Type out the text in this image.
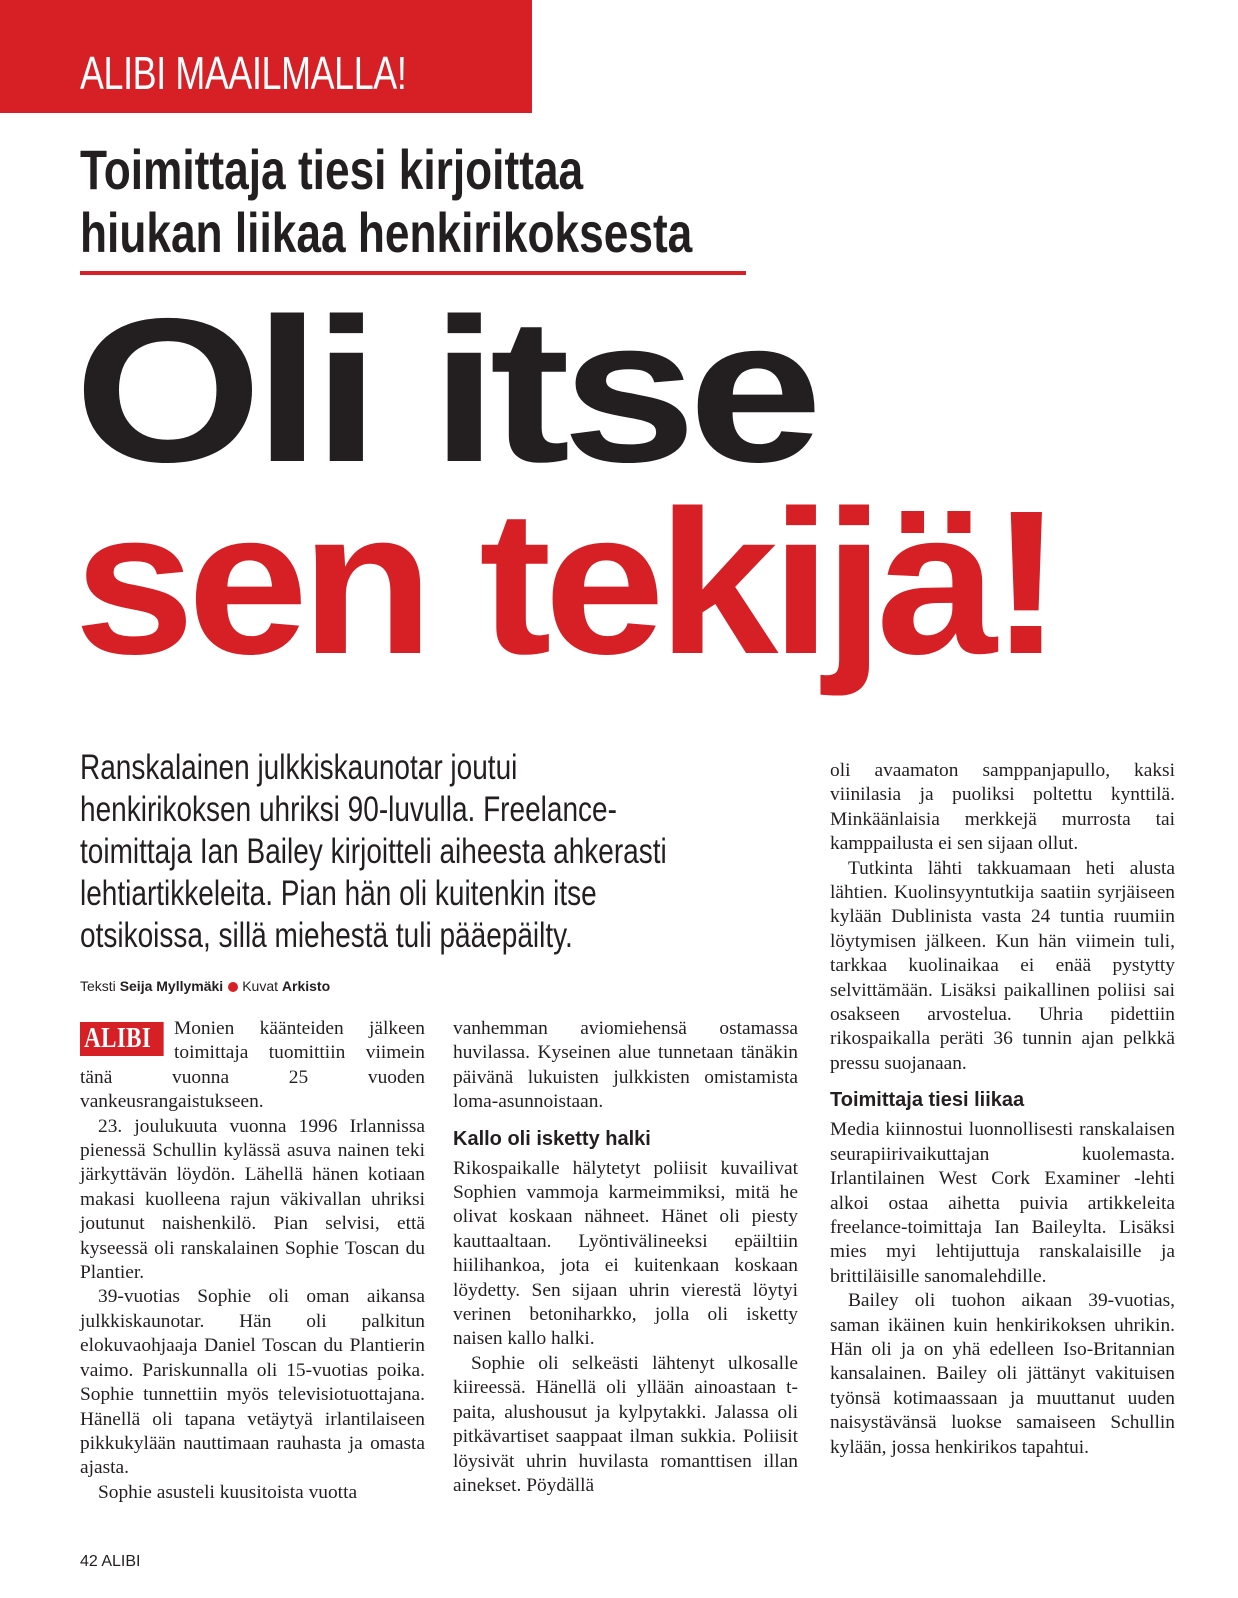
ALIBI MAAILMALLA!
Toimittaja tiesi kirjoittaa
hiukan liikaa henkirikoksesta
Oli itse
sen tekijä!

Ranskalainen julkkiskaunotar joutui

henkirikoksen uhriksi 90-luvulla. Freelance-

toimittaja Ian Bailey kirjoitteli aiheesta ahkerasti

lehtiartikkeleita. Pian hän oli kuitenkin itse

otsikoissa, sillä miehestä tuli pääepäilty.

Teksti Seija Myllymäki Kuvat Arkisto
ALIBI	Monien käänteiden jälkeen toimittaja tuomittiin viimein tänä vuonna 25 vuoden vankeusrangaistukseen.

23. joulukuuta vuonna 1996 Irlannissa pienessä Schullin kylässä asuva nainen teki järkyttävän löydön. Lähellä hänen kotiaan makasi kuolleena rajun väkivallan uhriksi joutunut naishenkilö. Pian selvisi, että kyseessä oli ranskalainen Sophie Toscan du Plantier.

39-vuotias Sophie oli oman aikansa julkkiskaunotar. Hän oli palkitun elokuvaohjaaja Daniel Toscan du Plantierin vaimo. Pariskunnalla oli 15-vuotias poika. Sophie tunnettiin myös televisiotuottajana. Hänellä oli tapana vetäytyä irlantilaiseen pikkukylään nauttimaan rauhasta ja omasta ajasta.

Sophie asusteli kuusitoista vuotta

vanhemman aviomiehensä ostamassa huvilassa. Kyseinen alue tunnetaan tänäkin päivänä lukuisten julkkisten omistamista loma-asunnoistaan.

Kallo oli isketty halki

Rikospaikalle hälytetyt poliisit kuvailivat Sophien vammoja karmeimmiksi, mitä he olivat koskaan nähneet. Hänet oli piesty kauttaaltaan. Lyöntivälineeksi epäiltiin hiilihankoa, jota ei kuitenkaan koskaan löydetty. Sen sijaan uhrin vierestä löytyi verinen betoniharkko, jolla oli isketty naisen kallo halki.

Sophie oli selkeästi lähtenyt ulkosalle kiireessä. Hänellä oli yllään ainoastaan t-paita, alushousut ja kylpytakki. Jalassa oli pitkävartiset saappaat ilman sukkia. Poliisit löysivät uhrin huvilasta romanttisen illan ainekset. Pöydällä

oli avaamaton samppanjapullo, kaksi viinilasia ja puoliksi poltettu kynttilä. Minkäänlaisia merkkejä murrosta tai kamppailusta ei sen sijaan ollut.

Tutkinta lähti takkuamaan heti alusta lähtien. Kuolinsyyntutkija saatiin syrjäiseen kylään Dublinista vasta 24 tuntia ruumiin löytymisen jälkeen. Kun hän viimein tuli, tarkkaa kuolinaikaa ei enää pystytty selvittämään. Lisäksi paikallinen poliisi sai osakseen arvostelua. Uhria pidettiin rikospaikalla peräti 36 tunnin ajan pelkkä pressu suojanaan.

Toimittaja tiesi liikaa

Media kiinnostui luonnollisesti ranskalaisen seurapiirivaikuttajan kuolemasta. Irlantilainen West Cork Examiner -lehti alkoi ostaa aihetta puivia artikkeleita freelance-toimittaja Ian Baileylta. Lisäksi mies myi lehtijuttuja ranskalaisille ja brittiläisille sanomalehdille.

Bailey oli tuohon aikaan 39-vuotias, saman ikäinen kuin henkirikoksen uhrikin. Hän oli ja on yhä edelleen Iso-Britannian kansalainen. Bailey oli jättänyt vakituisen työnsä kotimaassaan ja muuttanut uuden naisystävänsä luokse samaiseen Schullin kylään, jossa henkirikos tapahtui.

42 ALIBI
